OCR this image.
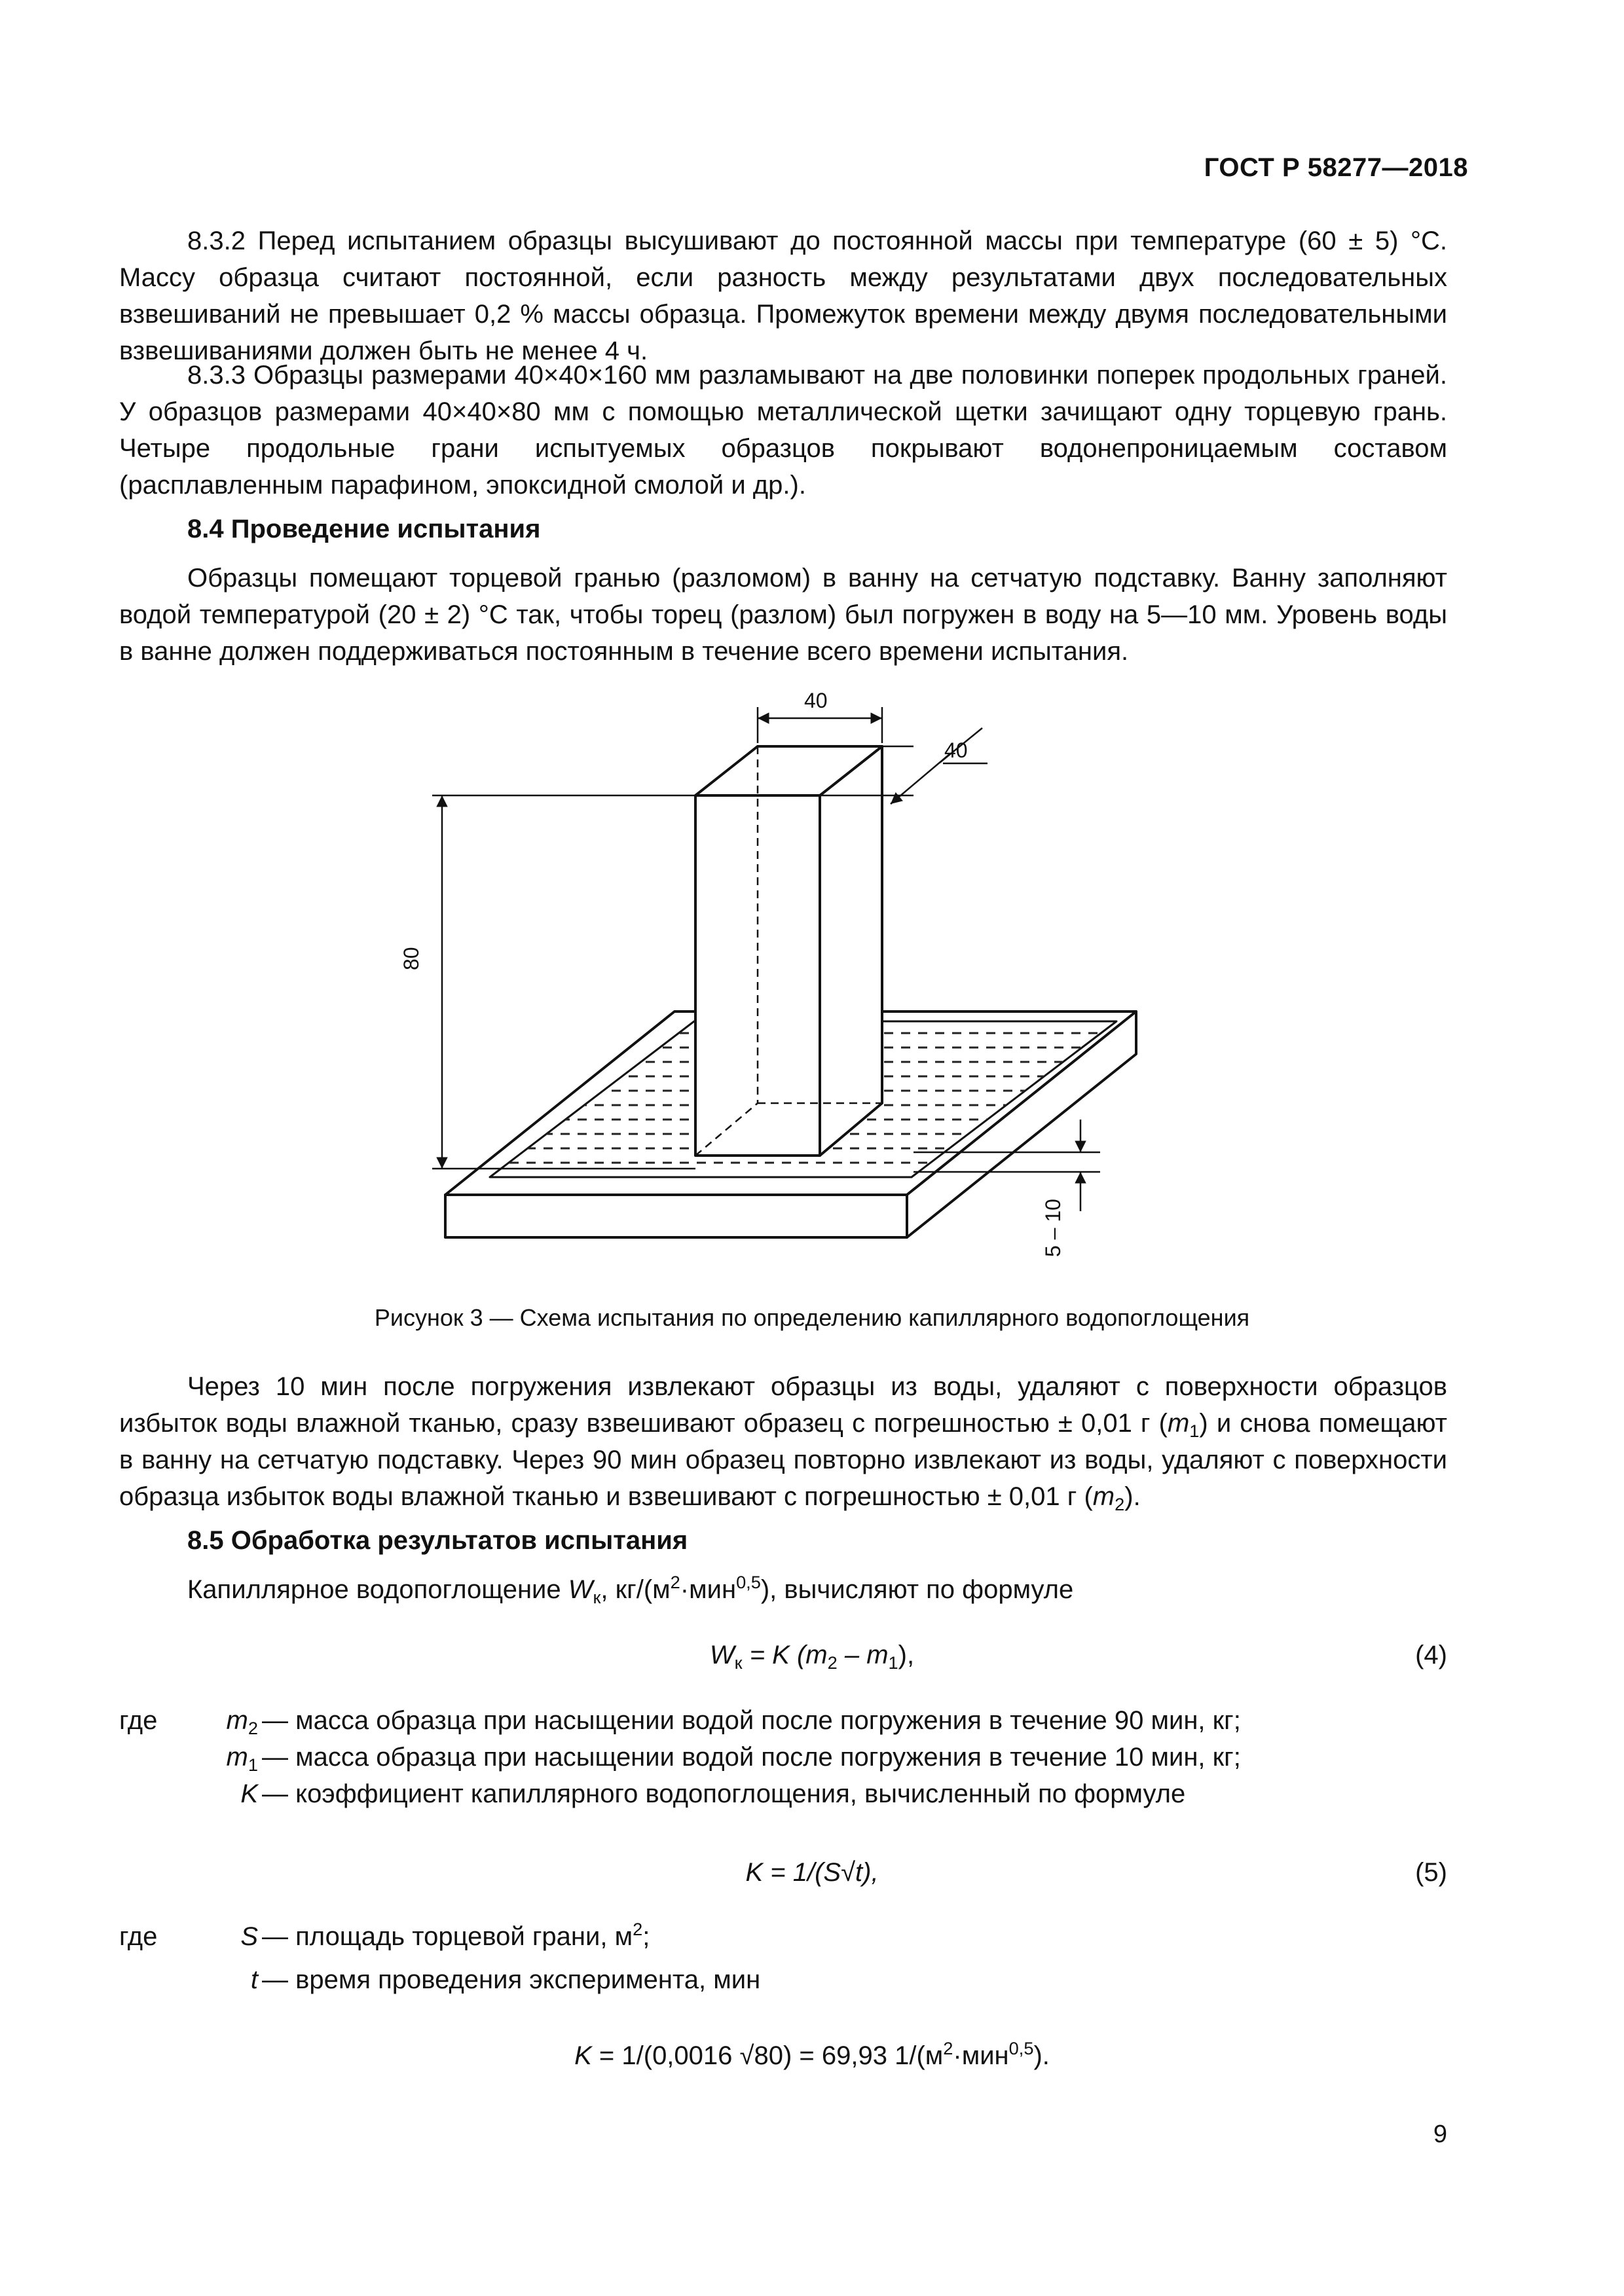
ГОСТ Р 58277—2018

8.3.2 Перед испытанием образцы высушивают до постоянной массы при температуре (60 ± 5) °С. Массу образца считают постоянной, если разность между результатами двух последовательных взвешиваний не превышает 0,2 % массы образца. Промежуток времени между двумя последовательными взвешиваниями должен быть не менее 4 ч.

8.3.3 Образцы размерами 40×40×160 мм разламывают на две половинки поперек продольных граней. У образцов размерами 40×40×80 мм с помощью металлической щетки зачищают одну торцевую грань. Четыре продольные грани испытуемых образцов покрывают водонепроницаемым составом (расплавленным парафином, эпоксидной смолой и др.).

8.4 Проведение испытания

Образцы помещают торцевой гранью (разломом) в ванну на сетчатую подставку. Ванну заполняют водой температурой (20 ± 2) °С так, чтобы торец (разлом) был погружен в воду на 5—10 мм. Уровень воды в ванне должен поддерживаться постоянным в течение всего времени испытания.

40
40
80
5 – 10
Рисунок 3 — Схема испытания по определению капиллярного водопоглощения

Через 10 мин после погружения извлекают образцы из воды, удаляют с поверхности образцов избыток воды влажной тканью, сразу взвешивают образец с погрешностью ± 0,01 г $(m_1)$ и снова помещают в ванну на сетчатую подставку. Через 90 мин образец повторно извлекают из воды, удаляют с поверхности образца избыток воды влажной тканью и взвешивают с погрешностью ± 0,01 г $(m_2)$.

8.5 Обработка результатов испытания

Капиллярное водопоглощение $W_к$, $кг/(м^2\cdot мин^{0,5})$, вычисляют по формуле

$W_к = K$ $(m_2 - m_1)$,	(4)
где	$m_2$ — масса образца при насыщении водой после погружения в течение 90 мин, кг;
$m_1$ — масса образца при насыщении водой после погружения в течение 10 мин, кг;
K — коэффициент капиллярного водопоглощения, вычисленный по формуле
K = 1/(S√t),	(5)
где	S — площадь торцевой грани, $м^2$;
t — время проведения эксперимента, мин
K = 1/(0,0016 √80) = 69,93 $1/(м^2\cdot мин^{0,5})$.
9
